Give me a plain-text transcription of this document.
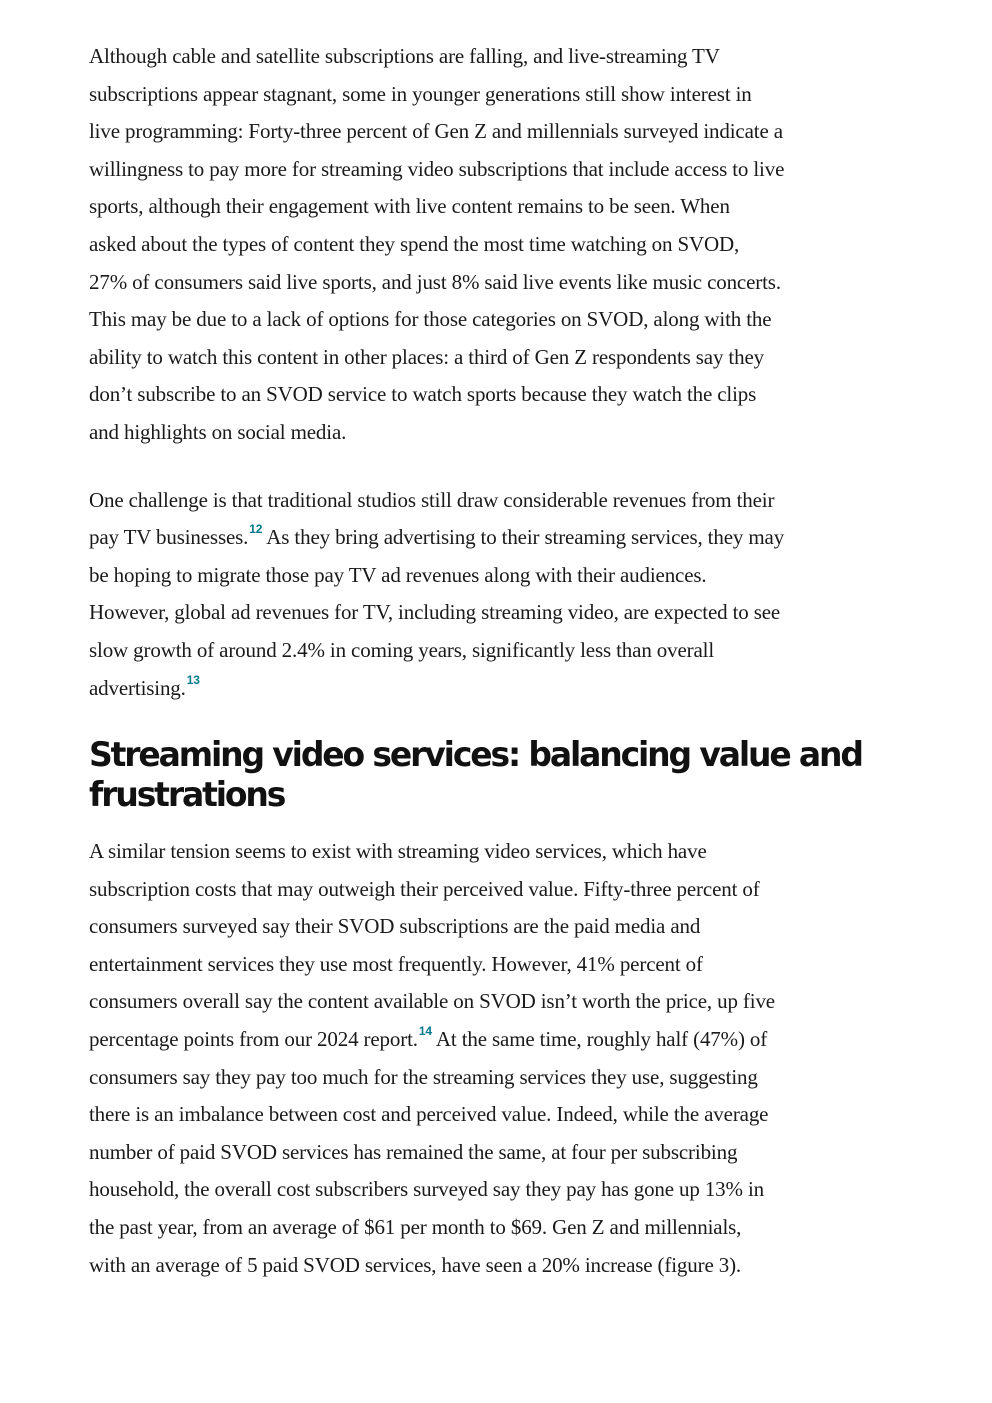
Although cable and satellite subscriptions are falling, and live-streaming TV
subscriptions appear stagnant, some in younger generations still show interest in
live programming: Forty-three percent of Gen Z and millennials surveyed indicate a
willingness to pay more for streaming video subscriptions that include access to live
sports, although their engagement with live content remains to be seen. When
asked about the types of content they spend the most time watching on SVOD,
27% of consumers said live sports, and just 8% said live events like music concerts.
This may be due to a lack of options for those categories on SVOD, along with the
ability to watch this content in other places: a third of Gen Z respondents say they
don’t subscribe to an SVOD service to watch sports because they watch the clips
and highlights on social media.

One challenge is that traditional studios still draw considerable revenues from their
pay TV businesses.$^{12}$ As they bring advertising to their streaming services, they may
be hoping to migrate those pay TV ad revenues along with their audiences.
However, global ad revenues for TV, including streaming video, are expected to see
slow growth of around 2.4% in coming years, significantly less than overall
advertising.$^{13}$

Streaming video services: balancing value and
frustrations

A similar tension seems to exist with streaming video services, which have
subscription costs that may outweigh their perceived value. Fifty-three percent of
consumers surveyed say their SVOD subscriptions are the paid media and
entertainment services they use most frequently. However, 41% percent of
consumers overall say the content available on SVOD isn’t worth the price, up five
percentage points from our 2024 report.$^{14}$ At the same time, roughly half (47%) of
consumers say they pay too much for the streaming services they use, suggesting
there is an imbalance between cost and perceived value. Indeed, while the average
number of paid SVOD services has remained the same, at four per subscribing
household, the overall cost subscribers surveyed say they pay has gone up 13% in
the past year, from an average of $61 per month to $69. Gen Z and millennials,
with an average of 5 paid SVOD services, have seen a 20% increase (figure 3).
